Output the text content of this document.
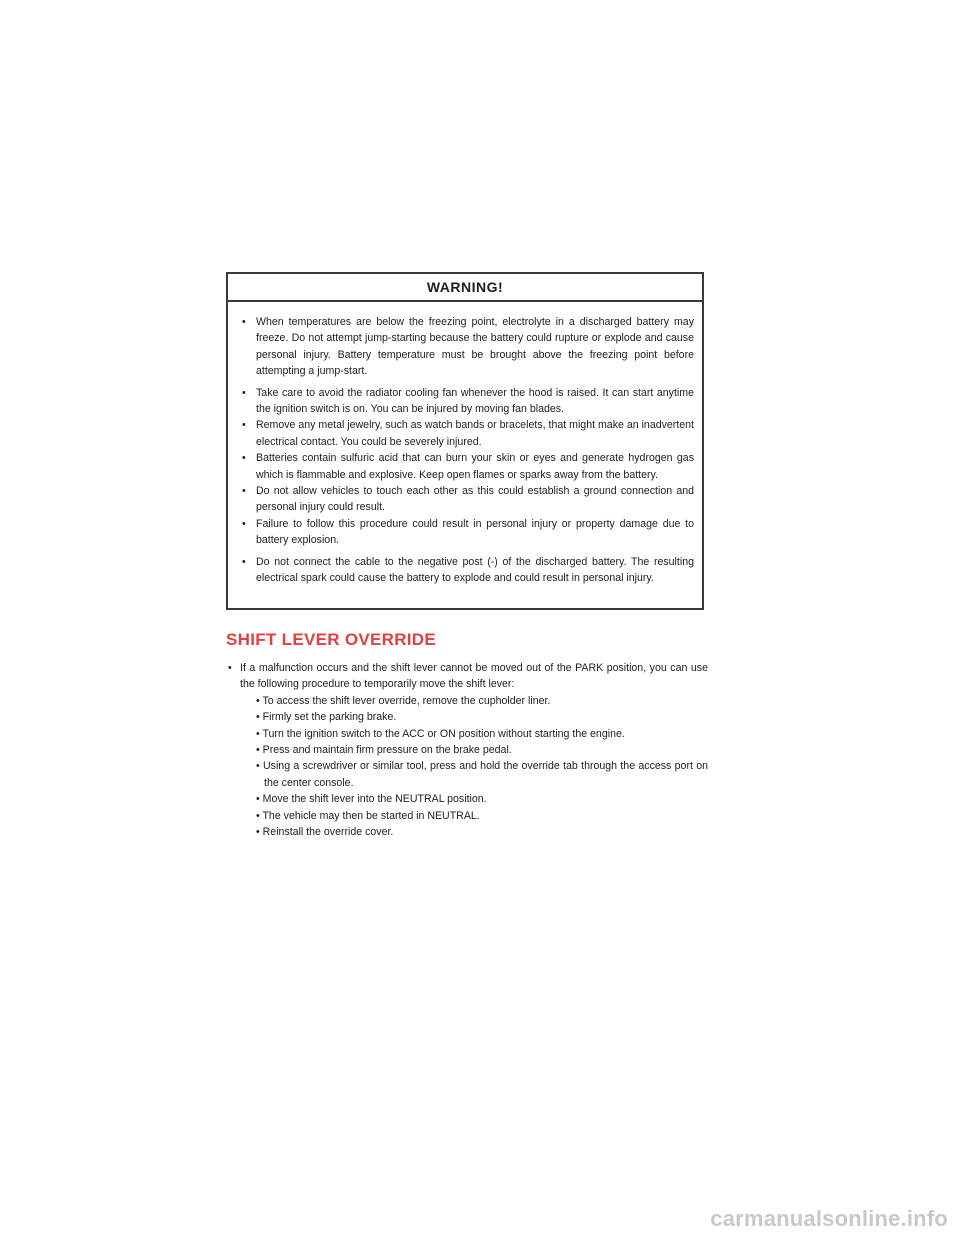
WARNING!
• When temperatures are below the freezing point, electrolyte in a discharged battery may freeze. Do not attempt jump-starting because the battery could rupture or explode and cause personal injury. Battery temperature must be brought above the freezing point before attempting a jump-start.
• Take care to avoid the radiator cooling fan whenever the hood is raised. It can start anytime the ignition switch is on. You can be injured by moving fan blades.
• Remove any metal jewelry, such as watch bands or bracelets, that might make an inadvertent electrical contact. You could be severely injured.
• Batteries contain sulfuric acid that can burn your skin or eyes and generate hydrogen gas which is flammable and explosive. Keep open flames or sparks away from the battery.
• Do not allow vehicles to touch each other as this could establish a ground connection and personal injury could result.
• Failure to follow this procedure could result in personal injury or property damage due to battery explosion.
• Do not connect the cable to the negative post (-) of the discharged battery. The resulting electrical spark could cause the battery to explode and could result in personal injury.
SHIFT LEVER OVERRIDE
• If a malfunction occurs and the shift lever cannot be moved out of the PARK position, you can use the following procedure to temporarily move the shift lever:
• To access the shift lever override, remove the cupholder liner.
• Firmly set the parking brake.
• Turn the ignition switch to the ACC or ON position without starting the engine.
• Press and maintain firm pressure on the brake pedal.
• Using a screwdriver or similar tool, press and hold the override tab through the access port on the center console.
• Move the shift lever into the NEUTRAL position.
• The vehicle may then be started in NEUTRAL.
• Reinstall the override cover.
carmanualsonline.info
